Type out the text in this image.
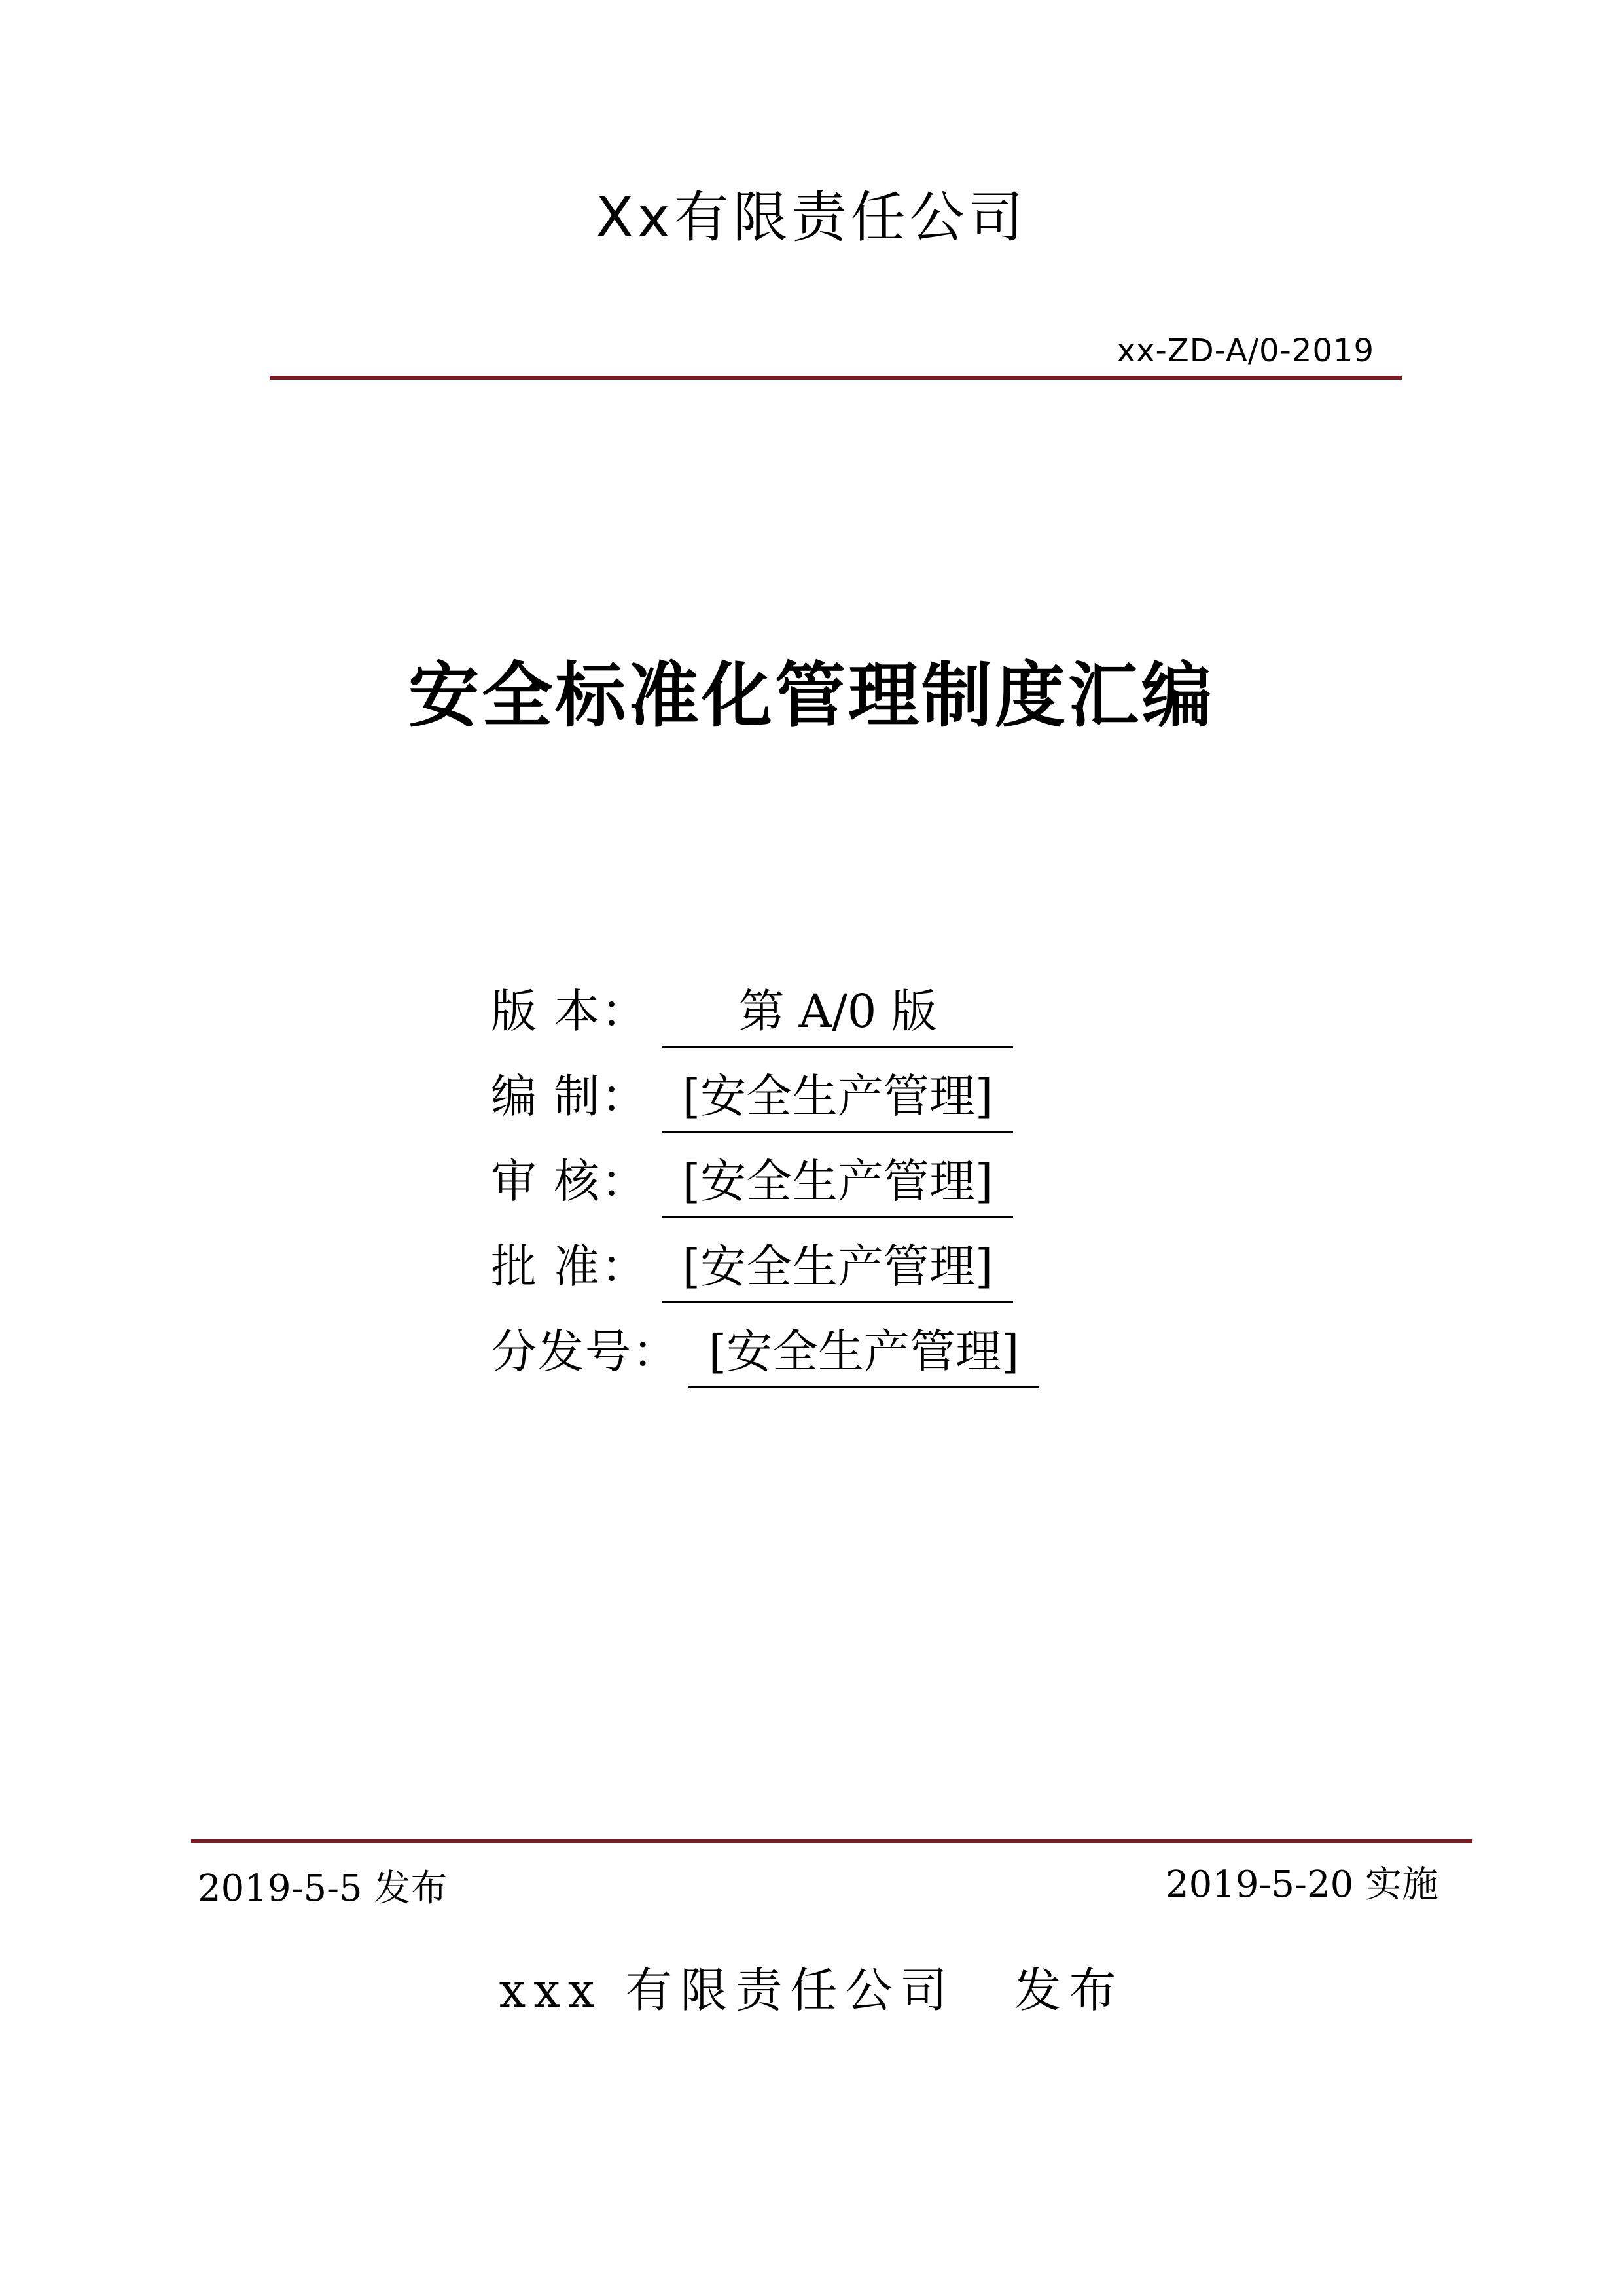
Xx有限责任公司
xx-ZD-A/0-2019
安全标准化管理制度汇编
版 本：	第 A/0 版
编 制： [安全生产管理]
审 核： [安全生产管理]
批 准： [安全生产管理]
分发号： [安全生产管理]
2019-5-5 发布	2019-5-20 实施
xxx 有限责任公司 发布
